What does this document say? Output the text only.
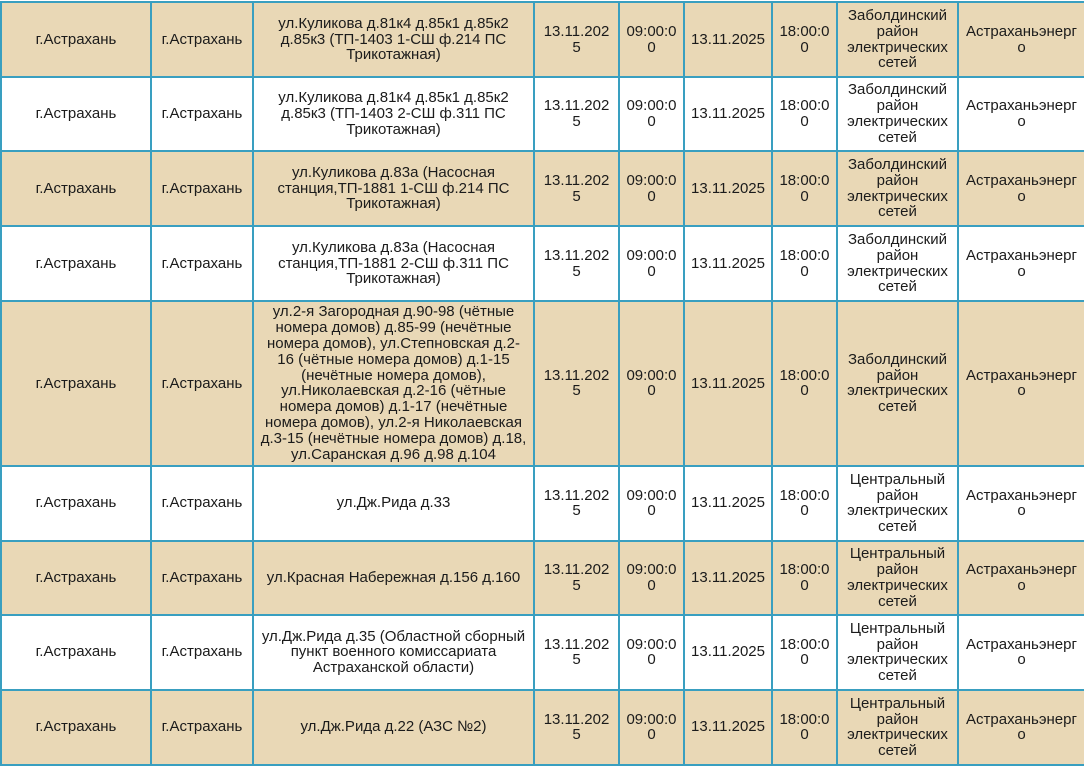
г.Астрахань	г.Астрахань	ул.Куликова д.81к4 д.85к1 д.85к2 д.85к3 (ТП-1403 1-СШ ф.214 ПС Трикотажная)	13.11.2025	09:00:00	13.11.2025	18:00:00	Заболдинский район электрических сетей	Астраханьэнерго
г.Астрахань	г.Астрахань	ул.Куликова д.81к4 д.85к1 д.85к2 д.85к3 (ТП-1403 2-СШ ф.311 ПС Трикотажная)	13.11.2025	09:00:00	13.11.2025	18:00:00	Заболдинский район электрических сетей	Астраханьэнерго
г.Астрахань	г.Астрахань	ул.Куликова д.83а (Насосная станция,ТП-1881 1-СШ ф.214 ПС Трикотажная)	13.11.2025	09:00:00	13.11.2025	18:00:00	Заболдинский район электрических сетей	Астраханьэнерго
г.Астрахань	г.Астрахань	ул.Куликова д.83а (Насосная станция,ТП-1881 2-СШ ф.311 ПС Трикотажная)	13.11.2025	09:00:00	13.11.2025	18:00:00	Заболдинский район электрических сетей	Астраханьэнерго
г.Астрахань	г.Астрахань	ул.2-я Загородная д.90-98 (чётные номера домов) д.85-99 (нечётные номера домов), ул.Степновская д.2-16 (чётные номера домов) д.1-15 (нечётные номера домов), ул.Николаевская д.2-16 (чётные номера домов) д.1-17 (нечётные номера домов), ул.2-я Николаевская д.3-15 (нечётные номера домов) д.18, ул.Саранская д.96 д.98 д.104	13.11.2025	09:00:00	13.11.2025	18:00:00	Заболдинский район электрических сетей	Астраханьэнерго
г.Астрахань	г.Астрахань	ул.Дж.Рида д.33	13.11.2025	09:00:00	13.11.2025	18:00:00	Центральный район электрических сетей	Астраханьэнерго
г.Астрахань	г.Астрахань	ул.Красная Набережная д.156 д.160	13.11.2025	09:00:00	13.11.2025	18:00:00	Центральный район электрических сетей	Астраханьэнерго
г.Астрахань	г.Астрахань	ул.Дж.Рида д.35 (Областной сборный пункт военного комиссариата Астраханской области)	13.11.2025	09:00:00	13.11.2025	18:00:00	Центральный район электрических сетей	Астраханьэнерго
г.Астрахань	г.Астрахань	ул.Дж.Рида д.22 (АЗС №2)	13.11.2025	09:00:00	13.11.2025	18:00:00	Центральный район электрических сетей	Астраханьэнерго
